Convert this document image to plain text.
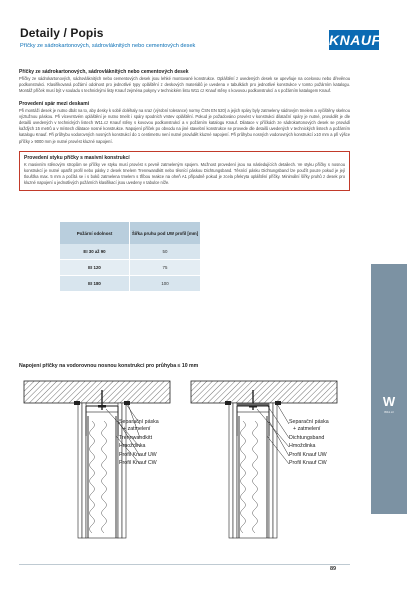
Detaily / Popis
Příčky ze sádrokartonových, sádrovláknitých nebo cementových desek	KNAUF
W
W11.cz
Příčky ze sádrokartonových, sádrovláknitých nebo cementových desek
Příčky ze sádrokartonových, sádrovláknitých nebo cementových desek jsou lehké montované konstrukce. Opláštění z uvedených desek se upevňuje na ocelovou nebo dřevěnou podkonstrukci. Klasifikovaná požární odolnost pro jednotlivé typy opláštění z deskových materiálů je uvedena v tabulkách pro jednotlivé konstrukce v tomto požárním katalogu. Montáž příček musí být v souladu s technickými listy Knauf zejména pokyny v technickém listu W11 cz Knauf stěny s kovovou podkonstrukcí a s požárním katalogem Knauf.
Provedení spár mezi deskami
Při montáži desek je nutno dbát na to, aby desky k sobě doléhaly na sraz (výrobní tolerance) normy ČSN EN 520) a jejich spáry byly zatmeleny sádrovým tmelem a vyčištěny skelnou výztužnou páskou. Při vícevrstvém opláštění je nutno tmelit i spáry spodních vrstev opláštění. Pokud je požadováno provést v konstrukci dilatační spáry je nutné, provádět je dle detailů uvedených v technických listech W11.cz Knauf stěny s kovovou podkonstrukcí a v požárním katalogu Knauf. Dilatace v příčkách ze sádrokartonových desek se provádí každých 15 metrů a v místech dilatace nosné konstrukce. Napojení příček po obvodu na jiné stavební konstrukce se provede dle detailů uvedených v technických listech a požárním katalogu Knauf. Při průhybu vodorovných nosných konstrukcí do 1 centimetru není nutné provádět kluzné napojení. Při průhybu nosných vodorovných konstrukcí ≥10 mm a při výšce příčky ≥ 9000 mm je nutné provést kluzné napojení.
Provedení styku příčky s masivní konstrukcí
K masivním stěnovým stropům se příčky ve styku musí provést s pevně zatmeleným spojem. Možnost provedení jsou na následujících detailech. Ve styku příčky s nosnou konstrukcí je nutné opatřit profil nebo pásky z desek tmelem Trennwandkitt nebo těsnící páskou Dichtungsband. Těsnící pásku Dichtungsband lze použít pouze pokud je její tloušťka max. 5 mm a počítá se i s boků zatmelena tmelem s tříbou reakce na oheň A1 případně pokud je zcela překryta opláštění příčky. Minimální šířky pruhů z desek pro kluzné napojení u jednotlivých požárních klasifikací jsou uvedeny v tabulce níže.
Požární odolnost	Šířka pruhu pod UW profil [mm]
EI 30 až 90	50
EI 120	75
EI 180	100
Napojení příčky na vodorovnou nosnou konstrukci pro průhyba ≤ 10 mm
Separační páska
+ zatmelení
Trennwandkitt
Hmoždinka
Profil Knauf UW
Profil Knauf CW
Separační páska
+ zatmelení
Dichtungsband
Hmoždinka
Profil Knauf UW
Profil Knauf CW
89
